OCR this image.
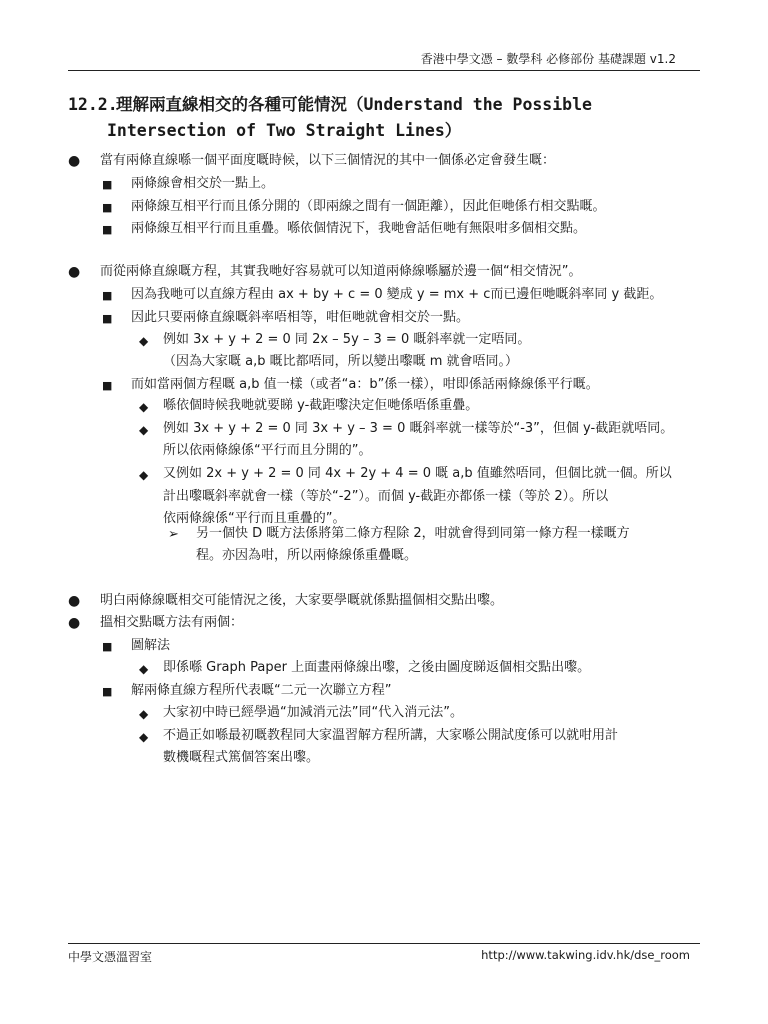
香港中學文憑 – 數學科 必修部份 基礎課題 v1.2
12.2.理解兩直線相交的各種可能情況（Understand the Possible
Intersection of Two Straight Lines）
● 當有兩條直線喺一個平面度嘅時候，以下三個情況的其中一個係必定會發生嘅：
■ 兩條線會相交於一點上。
■ 兩條線互相平行而且係分開的（即兩線之間有一個距離），因此佢哋係冇相交點嘅。
■ 兩條線互相平行而且重疊。喺依個情況下，我哋會話佢哋有無限咁多個相交點。
● 而從兩條直線嘅方程，其實我哋好容易就可以知道兩條線喺屬於邊一個“相交情況”。
■ 因為我哋可以直線方程由 ax + by + c = 0 變成 y = mx + c而已邊佢哋嘅斜率同 y 截距。
■ 因此只要兩條直線嘅斜率唔相等，咁佢哋就會相交於一點。
◆ 例如 3x + y + 2 = 0 同 2x – 5y – 3 = 0 嘅斜率就一定唔同。
（因為大家嘅 a,b 嘅比都唔同，所以變出嚟嘅 m 就會唔同。）
■ 而如當兩個方程嘅 a,b 值一樣（或者“a：b”係一樣），咁即係話兩條線係平行嘅。
◆ 喺依個時候我哋就要睇 y-截距嚟決定佢哋係唔係重疊。
◆ 例如 3x + y + 2 = 0 同 3x + y – 3 = 0 嘅斜率就一樣等於“-3”，但個 y-截距就唔同。
所以依兩條線係“平行而且分開的”。
◆ 又例如 2x + y + 2 = 0 同 4x + 2y + 4 = 0 嘅 a,b 值雖然唔同，但個比就一個。所以
計出嚟嘅斜率就會一樣（等於“-2”）。而個 y-截距亦都係一樣（等於 2）。所以
依兩條線係“平行而且重疊的”。
➢ 另一個快 D 嘅方法係將第二條方程除 2，咁就會得到同第一條方程一樣嘅方
程。亦因為咁，所以兩條線係重疊嘅。
● 明白兩條線嘅相交可能情況之後，大家要學嘅就係點搵個相交點出嚟。
● 搵相交點嘅方法有兩個：
■ 圖解法
◆ 即係喺 Graph Paper 上面畫兩條線出嚟，之後由圖度睇返個相交點出嚟。
■ 解兩條直線方程所代表嘅“二元一次聯立方程”
◆ 大家初中時已經學過“加減消元法”同“代入消元法”。
◆ 不過正如喺最初嘅教程同大家溫習解方程所講，大家喺公開試度係可以就咁用計
數機嘅程式篤個答案出嚟。
中學文憑溫習室	http://www.takwing.idv.hk/dse_room
